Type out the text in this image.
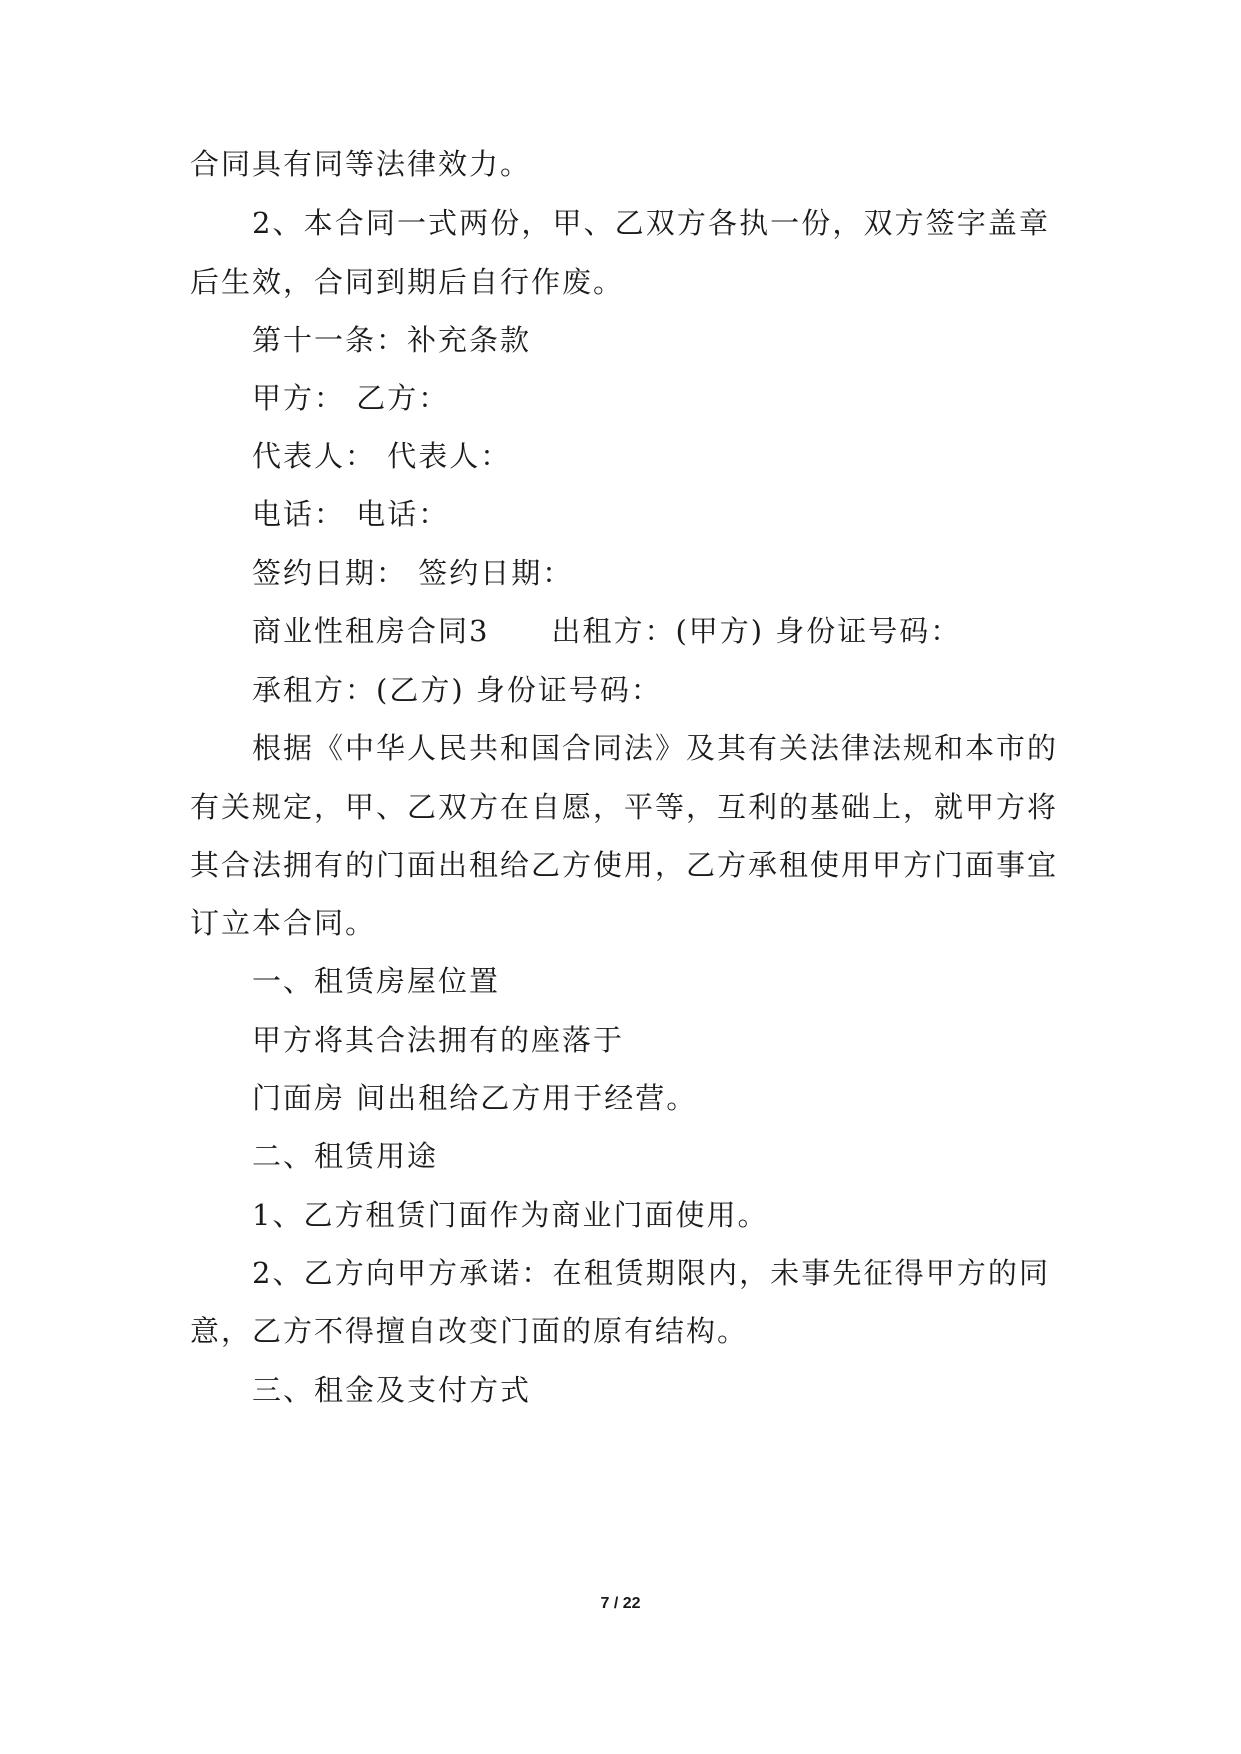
合同具有同等法律效力。
2、本合同一式两份，甲、乙双方各执一份，双方签字盖章
后生效，合同到期后自行作废。
第十一条：补充条款
甲方： 乙方：
代表人： 代表人：
电话： 电话：
签约日期： 签约日期：
商业性租房合同3 出租方：(甲方) 身份证号码：
承租方：(乙方) 身份证号码：
根据《中华人民共和国合同法》及其有关法律法规和本市的
有关规定，甲、乙双方在自愿，平等，互利的基础上，就甲方将
其合法拥有的门面出租给乙方使用，乙方承租使用甲方门面事宜
订立本合同。
一、租赁房屋位置
甲方将其合法拥有的座落于
门面房 间出租给乙方用于经营。
二、租赁用途
1、乙方租赁门面作为商业门面使用。
2、乙方向甲方承诺：在租赁期限内，未事先征得甲方的同
意，乙方不得擅自改变门面的原有结构。
三、租金及支付方式
7 / 22
